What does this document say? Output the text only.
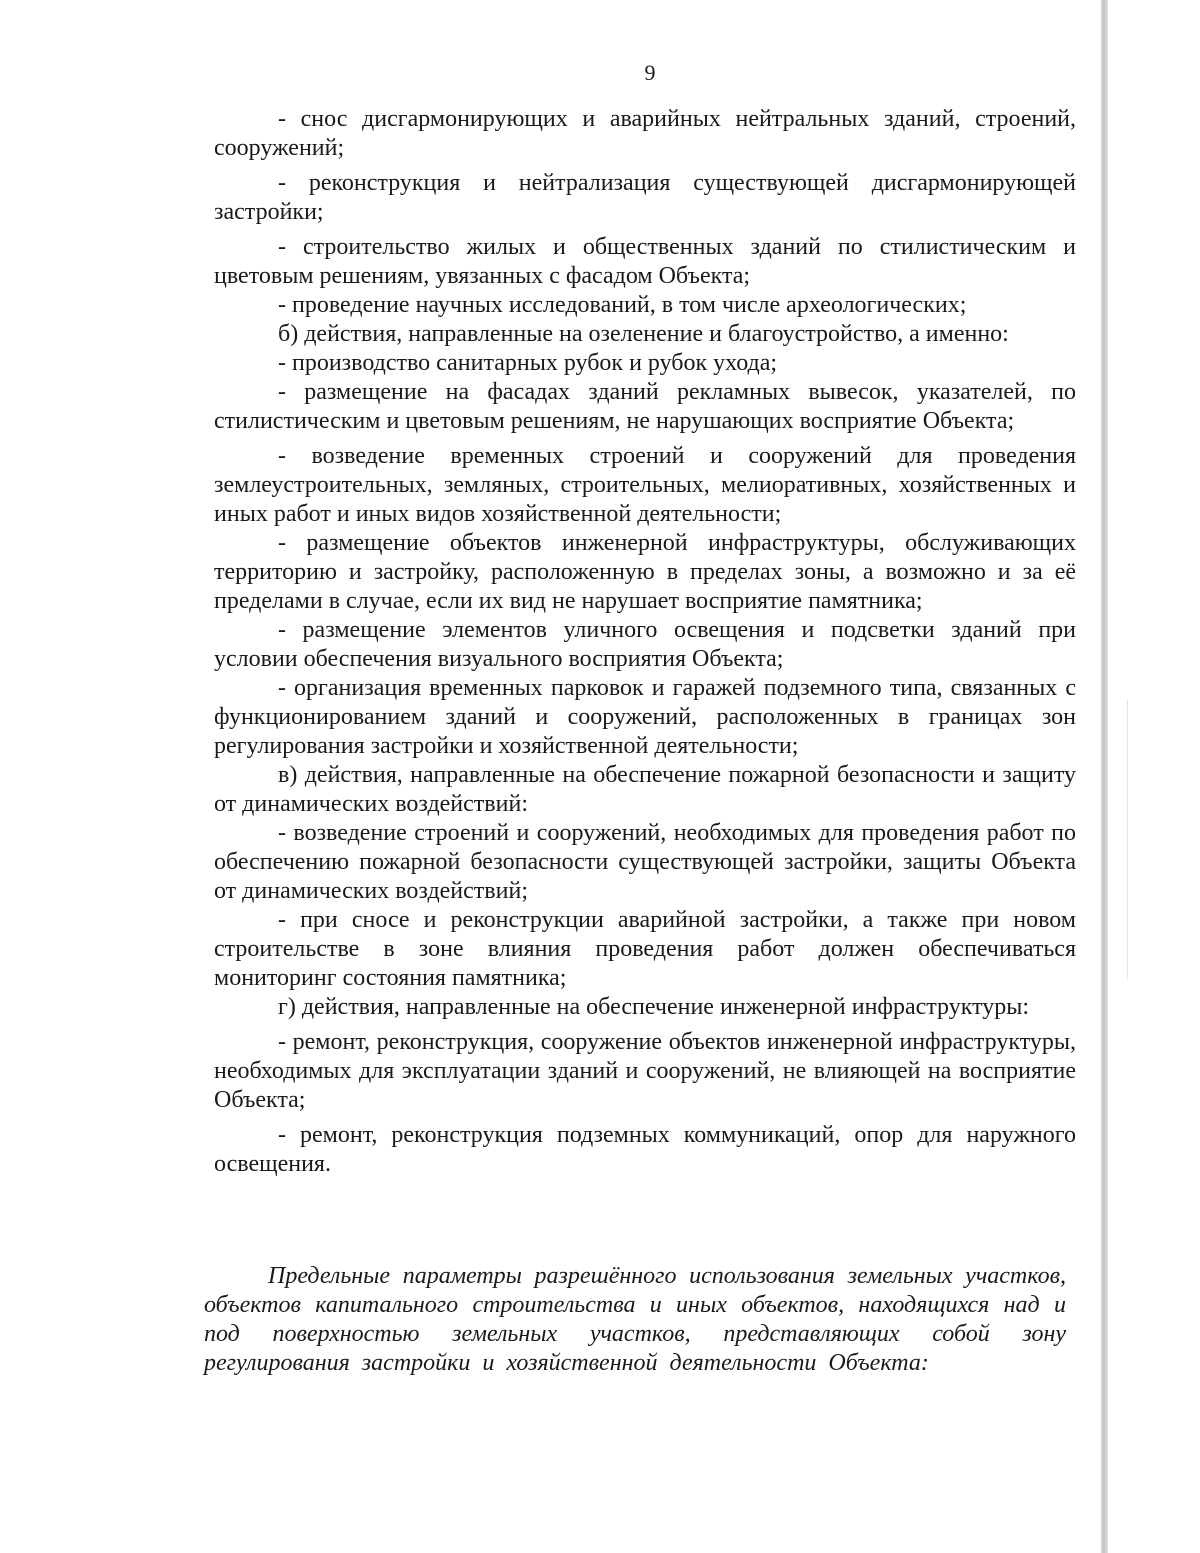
9

- снос дисгармонирующих и аварийных нейтральных зданий, строений, сооружений;

- реконструкция и нейтрализация существующей дисгармонирующей застройки;

- строительство жилых и общественных зданий по стилистическим и цветовым решениям, увязанных с фасадом Объекта;

- проведение научных исследований, в том числе археологических;

б) действия, направленные на озеленение и благоустройство, а именно:

- производство санитарных рубок и рубок ухода;

- размещение на фасадах зданий рекламных вывесок, указателей, по стилистическим и цветовым решениям, не нарушающих восприятие Объекта;

- возведение временных строений и сооружений для проведения землеустроительных, земляных, строительных, мелиоративных, хозяйственных и иных работ и иных видов хозяйственной деятельности;

- размещение объектов инженерной инфраструктуры, обслуживающих территорию и застройку, расположенную в пределах зоны, а возможно и за её пределами в случае, если их вид не нарушает восприятие памятника;

- размещение элементов уличного освещения и подсветки зданий при условии обеспечения визуального восприятия Объекта;

- организация временных парковок и гаражей подземного типа, связанных с функционированием зданий и сооружений, расположенных в границах зон регулирования застройки и хозяйственной деятельности;

в) действия, направленные на обеспечение пожарной безопасности и защиту от динамических воздействий:

- возведение строений и сооружений, необходимых для проведения работ по обеспечению пожарной безопасности существующей застройки, защиты Объекта от динамических воздействий;

- при сносе и реконструкции аварийной застройки, а также при новом строительстве в зоне влияния проведения работ должен обеспечиваться мониторинг состояния памятника;

г) действия, направленные на обеспечение инженерной инфраструктуры:

- ремонт, реконструкция, сооружение объектов инженерной инфраструктуры, необходимых для эксплуатации зданий и сооружений, не влияющей на восприятие Объекта;

- ремонт, реконструкция подземных коммуникаций, опор для наружного освещения.

Предельные параметры разрешённого использования земельных участков, объектов капитального строительства и иных объектов, находящихся над и под поверхностью земельных участков, представляющих собой зону регулирования застройки и хозяйственной деятельности Объекта:
